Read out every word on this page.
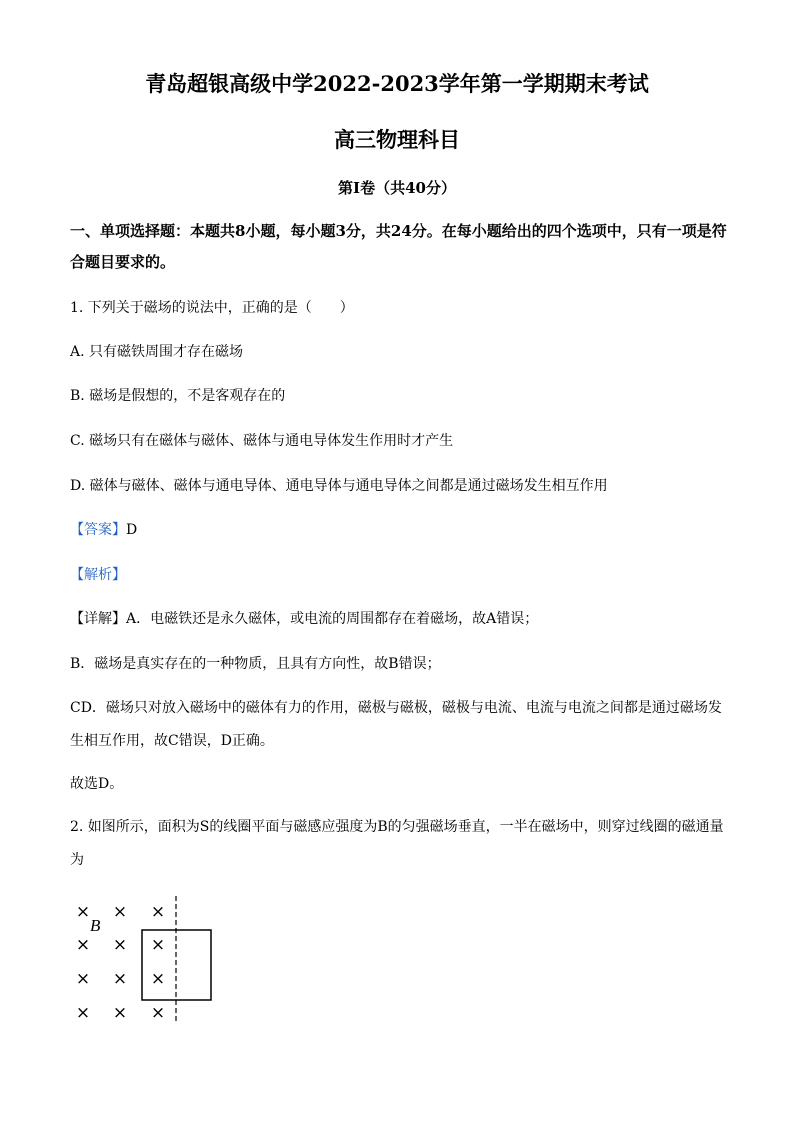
青岛超银高级中学2022-2023学年第一学期期末考试
高三物理科目
第I卷（共40分）
一、单项选择题：本题共8小题，每小题3分，共24分。在每小题给出的四个选项中，只有一项是符合题目要求的。
1. 下列关于磁场的说法中，正确的是（　　）
A. 只有磁铁周围才存在磁场
B. 磁场是假想的，不是客观存在的
C. 磁场只有在磁体与磁体、磁体与通电导体发生作用时才产生
D. 磁体与磁体、磁体与通电导体、通电导体与通电导体之间都是通过磁场发生相互作用
【答案】D
【解析】
【详解】A．电磁铁还是永久磁体，或电流的周围都存在着磁场，故A错误；
B．磁场是真实存在的一种物质，且具有方向性，故B错误；
CD．磁场只对放入磁场中的磁体有力的作用，磁极与磁极，磁极与电流、电流与电流之间都是通过磁场发生相互作用，故C错误，D正确。
故选D。
2. 如图所示，面积为S的线圈平面与磁感应强度为B的匀强磁场垂直，一半在磁场中，则穿过线圈的磁通量为
B
× × ×
× × ×
× × ×
× × ×
